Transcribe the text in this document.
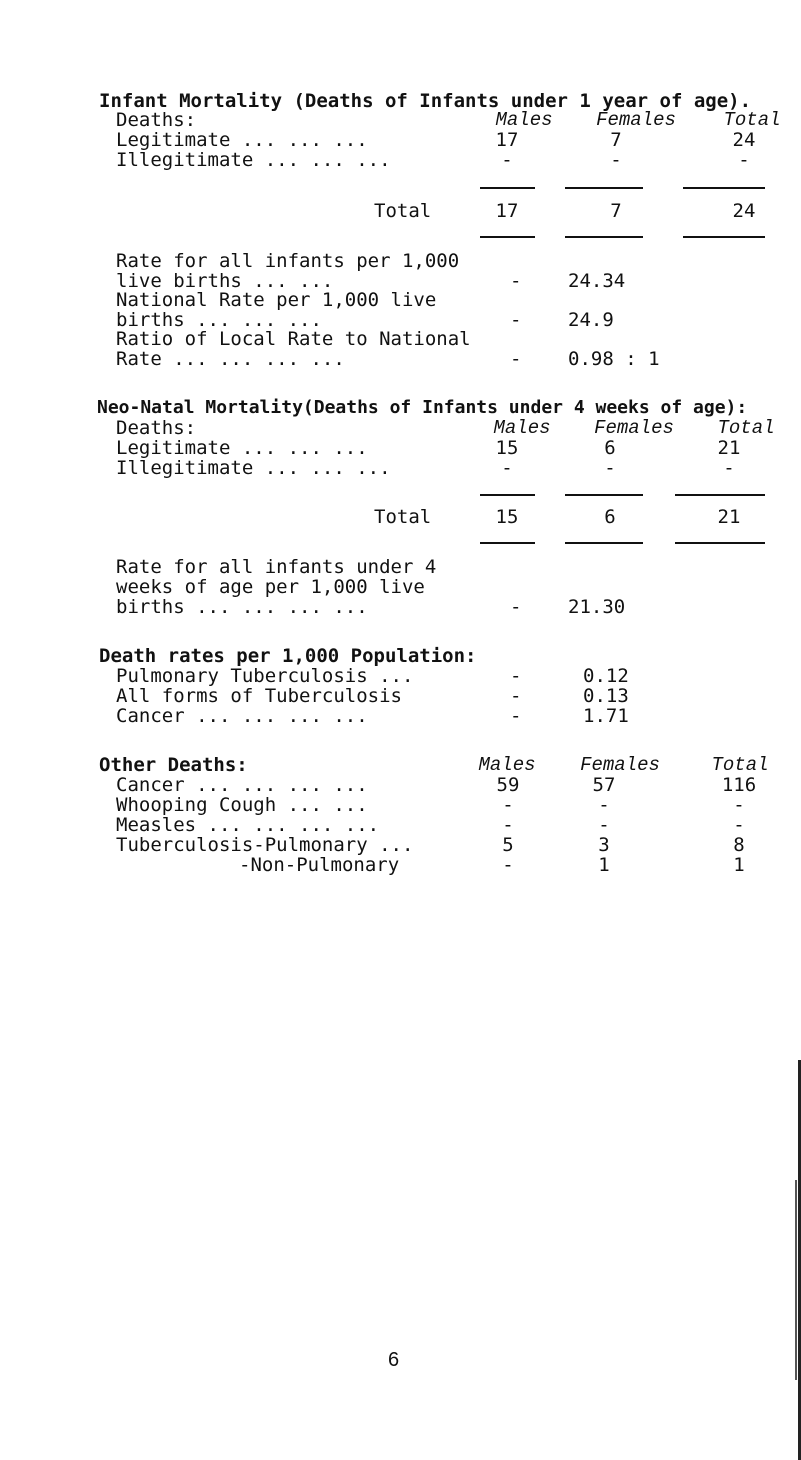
Infant Mortality (Deaths of Infants under 1 year of age).
Deaths:	Males	Females	Total
Legitimate ... ... ...	17	7	24
Illegitimate ... ... ...	-	-	-
Total	17	7	24
Rate for all infants per 1,000
live births ... ...	- 24.34
National Rate per 1,000 live
births ... ... ...	- 24.9
Ratio of Local Rate to National
Rate ... ... ... ...	- 0.98 : 1
Neo-Natal Mortality(Deaths of Infants under 4 weeks of age):
Deaths:	Males	Females	Total
Legitimate ... ... ...	15	6	21
Illegitimate ... ... ...	-	-	-
Total	15	6	21
Rate for all infants under 4
weeks of age per 1,000 live
births ... ... ... ...	- 21.30
Death rates per 1,000 Population:
Pulmonary Tuberculosis ...	-	0.12
All forms of Tuberculosis	-	0.13
Cancer ... ... ... ...	-	1.71
Other Deaths:	Males	Females	Total
Cancer ... ... ... ...	59	57	116
Whooping Cough ... ...	-	-	-
Measles ... ... ... ...	-	-	-
Tuberculosis-Pulmonary ...	5	3	8
-Non-Pulmonary	-	1	1
6
